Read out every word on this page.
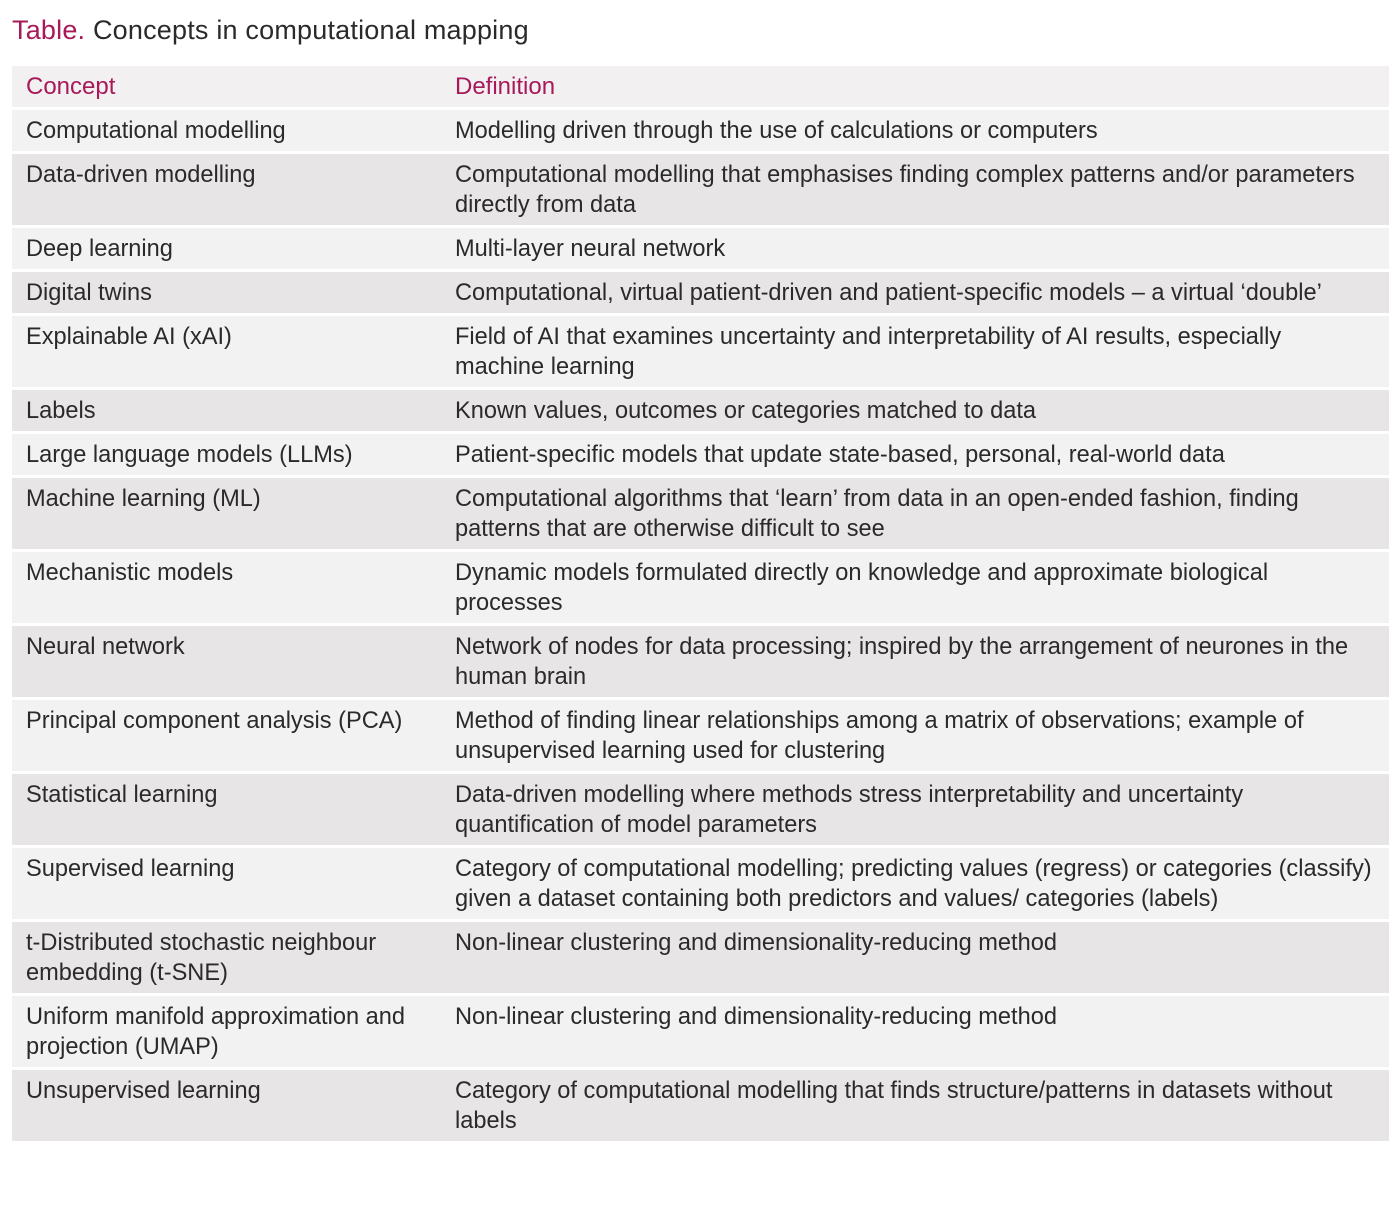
Table. Concepts in computational mapping
Concept	Definition
Computational modelling	Modelling driven through the use of calculations or computers
Data-driven modelling	Computational modelling that emphasises finding complex patterns and/or parameters directly from data
Deep learning	Multi-layer neural network
Digital twins	Computational, virtual patient-driven and patient-specific models – a virtual ‘double’
Explainable AI (xAI)	Field of AI that examines uncertainty and interpretability of AI results, especially machine learning
Labels	Known values, outcomes or categories matched to data
Large language models (LLMs)	Patient-specific models that update state-based, personal, real-world data
Machine learning (ML)	Computational algorithms that ‘learn’ from data in an open-ended fashion, finding patterns that are otherwise difficult to see
Mechanistic models	Dynamic models formulated directly on knowledge and approximate biological processes
Neural network	Network of nodes for data processing; inspired by the arrangement of neurones in the human brain
Principal component analysis (PCA)	Method of finding linear relationships among a matrix of observations; example of unsupervised learning used for clustering
Statistical learning	Data-driven modelling where methods stress interpretability and uncertainty quantification of model parameters
Supervised learning	Category of computational modelling; predicting values (regress) or categories (classify) given a dataset containing both predictors and values/ categories (labels)
t-Distributed stochastic neighbour embedding (t-SNE)	Non-linear clustering and dimensionality-reducing method
Uniform manifold approximation and projection (UMAP)	Non-linear clustering and dimensionality-reducing method
Unsupervised learning	Category of computational modelling that finds structure/patterns in datasets without labels
